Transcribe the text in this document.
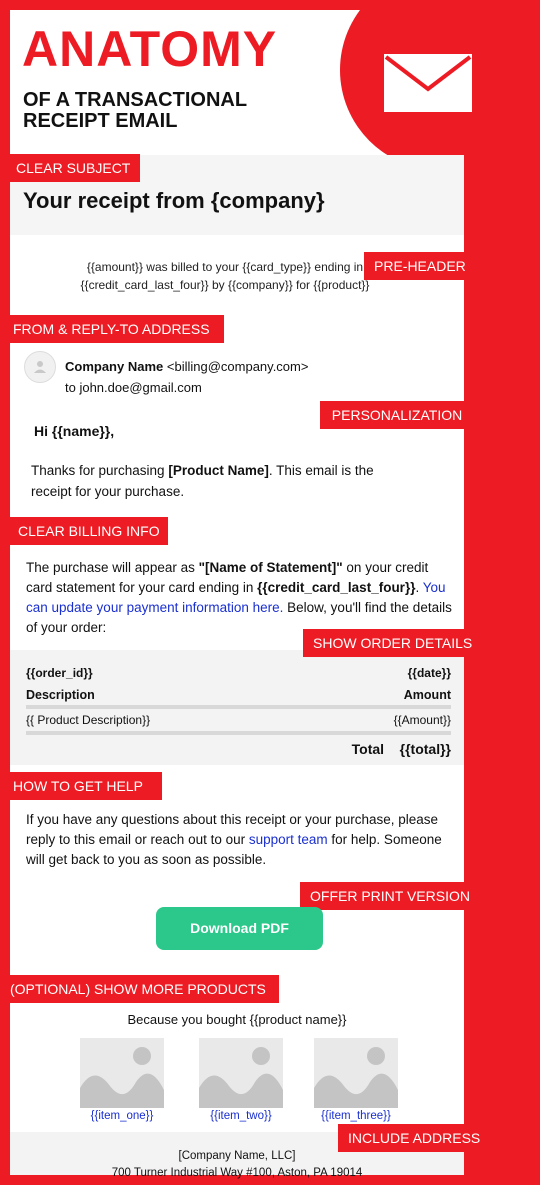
ANATOMY
OF A TRANSACTIONAL
RECEIPT EMAIL
CLEAR SUBJECT
Your receipt from {company}
PRE-HEADER
{{amount}} was billed to your {{card_type}} ending in
{{credit_card_last_four}} by {{company}} for {{product}}
FROM & REPLY-TO ADDRESS
Company Name <billing@company.com>
to john.doe@gmail.com
PERSONALIZATION
Hi {{name}},
Thanks for purchasing [Product Name]. This email is the receipt for your purchase.
CLEAR BILLING INFO
The purchase will appear as "[Name of Statement]" on your credit card statement for your card ending in {{credit_card_last_four}}. You can update your payment information here. Below, you'll find the details of your order:
SHOW ORDER DETAILS
{{order_id}}	{{date}}
Description	Amount
{{ Product Description}}	{{Amount}}
Total {{total}}
HOW TO GET HELP
If you have any questions about this receipt or your purchase, please reply to this email or reach out to our support team for help. Someone will get back to you as soon as possible.
OFFER PRINT VERSION
Download PDF
(OPTIONAL) SHOW MORE PRODUCTS
Because you bought {{product name}}
{{item_one}}	{{item_two}}	{{item_three}}
INCLUDE ADDRESS
[Company Name, LLC]
700 Turner Industrial Way #100, Aston, PA 19014
